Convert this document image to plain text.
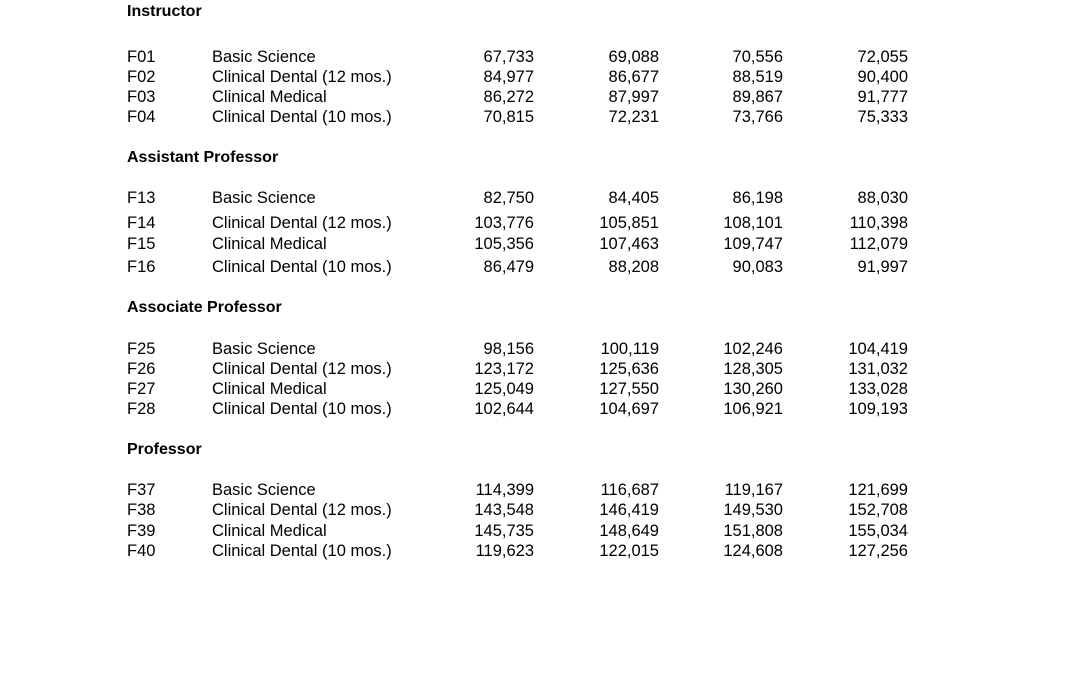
Instructor
F01	Basic Science	67,733	69,088	70,556	72,055
F02	Clinical Dental (12 mos.)	84,977	86,677	88,519	90,400
F03	Clinical Medical	86,272	87,997	89,867	91,777
F04	Clinical Dental (10 mos.)	70,815	72,231	73,766	75,333
Assistant Professor
F13	Basic Science	82,750	84,405	86,198	88,030
F14	Clinical Dental (12 mos.)	103,776	105,851	108,101	110,398
F15	Clinical Medical	105,356	107,463	109,747	112,079
F16	Clinical Dental (10 mos.)	86,479	88,208	90,083	91,997
Associate Professor
F25	Basic Science	98,156	100,119	102,246	104,419
F26	Clinical Dental (12 mos.)	123,172	125,636	128,305	131,032
F27	Clinical Medical	125,049	127,550	130,260	133,028
F28	Clinical Dental (10 mos.)	102,644	104,697	106,921	109,193
Professor
F37	Basic Science	114,399	116,687	119,167	121,699
F38	Clinical Dental (12 mos.)	143,548	146,419	149,530	152,708
F39	Clinical Medical	145,735	148,649	151,808	155,034
F40	Clinical Dental (10 mos.)	119,623	122,015	124,608	127,256
